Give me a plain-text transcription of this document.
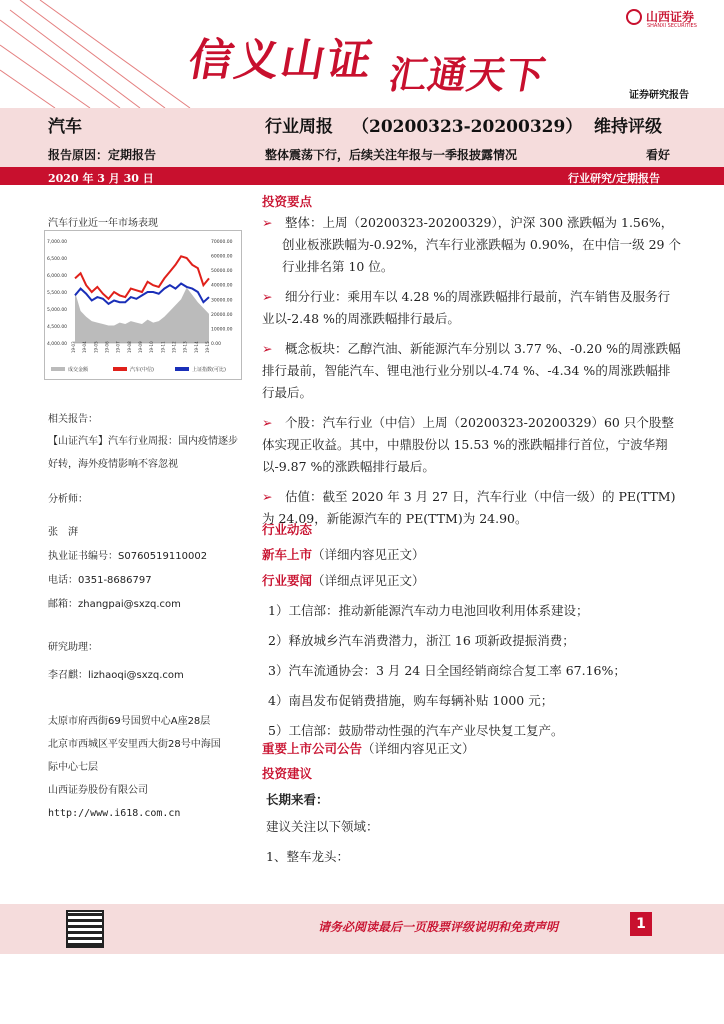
信义山证 汇通天下
山西证券
SHANXI SECURITIES
证券研究报告
汽车	行业周报 （20200323-20200329） 维持评级
报告原因：定期报告	整体震荡下行，后续关注年报与一季报披露情况	看好
2020 年 3 月 30 日	行业研究/定期报告
汽车行业近一年市场表现
7,000.00
6,500.00
6,000.00
5,500.00
5,000.00
4,500.00
4,000.00
70000.00
60000.00
50000.00
40000.00
30000.00
20000.00
10000.00
0.00
19-03 19-04 19-05 19-06 19-07 19-08 19-09 19-10 19-11 19-12 19-13 19-14 19-15
成交金额	汽车(中信)	上证指数(可比)
相关报告：
【山证汽车】汽车行业周报：国内疫情逐步好转，海外疫情影响不容忽视
分析师：
张　湃
执业证书编号：S0760519110002
电话：0351-8686797
邮箱：zhangpai@sxzq.com
研究助理：
李召麒：lizhaoqi@sxzq.com
太原市府西街69号国贸中心A座28层
北京市西城区平安里西大街28号中海国
际中心七层
山西证券股份有限公司
http://www.i618.com.cn
投资要点
➢　 整体：上周（20200323-20200329），沪深 300 涨跌幅为 1.56%，创业板涨跌幅为-0.92%，汽车行业涨跌幅为 0.90%，在中信一级 29 个行业排名第 10 位。
➢　 细分行业：乘用车以 4.28 %的周涨跌幅排行最前，汽车销售及服务行业以-2.48 %的周涨跌幅排行最后。
➢　 概念板块：乙醇汽油、新能源汽车分别以 3.77 %、-0.20 %的周涨跌幅排行最前，智能汽车、锂电池行业分别以-4.74 %、-4.34 %的周涨跌幅排行最后。
➢　 个股：汽车行业（中信）上周（20200323-20200329）60 只个股整体实现正收益。其中，中鼎股份以 15.53 %的涨跌幅排行首位，宁波华翔以-9.87 %的涨跌幅排行最后。
➢　 估值：截至 2020 年 3 月 27 日，汽车行业（中信一级）的 PE(TTM)为 24.09，新能源汽车的 PE(TTM)为 24.90。
行业动态
新车上市（详细内容见正文）
行业要闻（详细点评见正文）
1）工信部：推动新能源汽车动力电池回收利用体系建设；
2）释放城乡汽车消费潜力，浙江 16 项新政提振消费；
3）汽车流通协会：3 月 24 日全国经销商综合复工率 67.16%；
4）南昌发布促销费措施，购车每辆补贴 1000 元；
5）工信部：鼓励带动性强的汽车产业尽快复工复产。
重要上市公司公告（详细内容见正文）
投资建议
长期来看：
建议关注以下领域：
1、整车龙头：
请务必阅读最后一页股票评级说明和免责声明	1
